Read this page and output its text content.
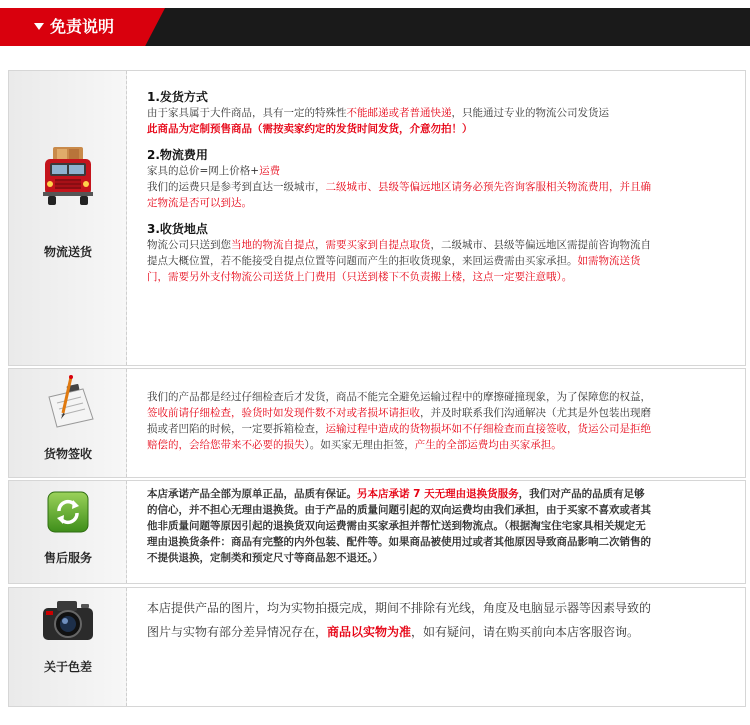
免责说明
物流送货
1.发货方式
由于家具属于大件商品，具有一定的特殊性不能邮递或者普通快递，只能通过专业的物流公司发货运
此商品为定制预售商品（需按卖家约定的发货时间发货，介意勿拍！）
2.物流费用
家具的总价=网上价格+运费
我们的运费只是参考到直达一级城市，二级城市、县级等偏远地区请务必预先咨询客服相关物流费用，并且确定物流是否可以到达。
3.收货地点
物流公司只送到您当地的物流自提点，需要买家到自提点取货，二级城市、县级等偏远地区需提前咨询物流自提点大概位置，若不能接受自提点位置等问题而产生的拒收货现象，来回运费需由买家承担。如需物流送货门，需要另外支付物流公司送货上门费用（只送到楼下不负责搬上楼，这点一定要注意哦）。
货物签收
我们的产品都是经过仔细检查后才发货，商品不能完全避免运输过程中的摩擦碰撞现象，为了保障您的权益，签收前请仔细检查，验货时如发现件数不对或者损坏请拒收，并及时联系我们沟通解决（尤其是外包装出现磨损或者凹陷的时候，一定要拆箱检查，运输过程中造成的货物损坏如不仔细检查而直接签收，货运公司是拒绝赔偿的，会给您带来不必要的损失）。如买家无理由拒签，产生的全部运费均由买家承担。
售后服务
本店承诺产品全部为原单正品，品质有保证。另本店承诺 7 天无理由退换货服务，我们对产品的品质有足够的信心，并不担心无理由退换货。由于产品的质量问题引起的双向运费均由我们承担，由于买家不喜欢或者其他非质量问题等原因引起的退换货双向运费需由买家承担并帮忙送到物流点。（根据淘宝住宅家具相关规定无理由退换货条件：商品有完整的内外包装、配件等。如果商品被使用过或者其他原因导致商品影响二次销售的不提供退换，定制类和预定尺寸等商品恕不退还。）
关于色差
本店提供产品的图片，均为实物拍摄完成，期间不排除有光线，角度及电脑显示器等因素导致的图片与实物有部分差异情况存在，商品以实物为准，如有疑问，请在购买前向本店客服咨询。
